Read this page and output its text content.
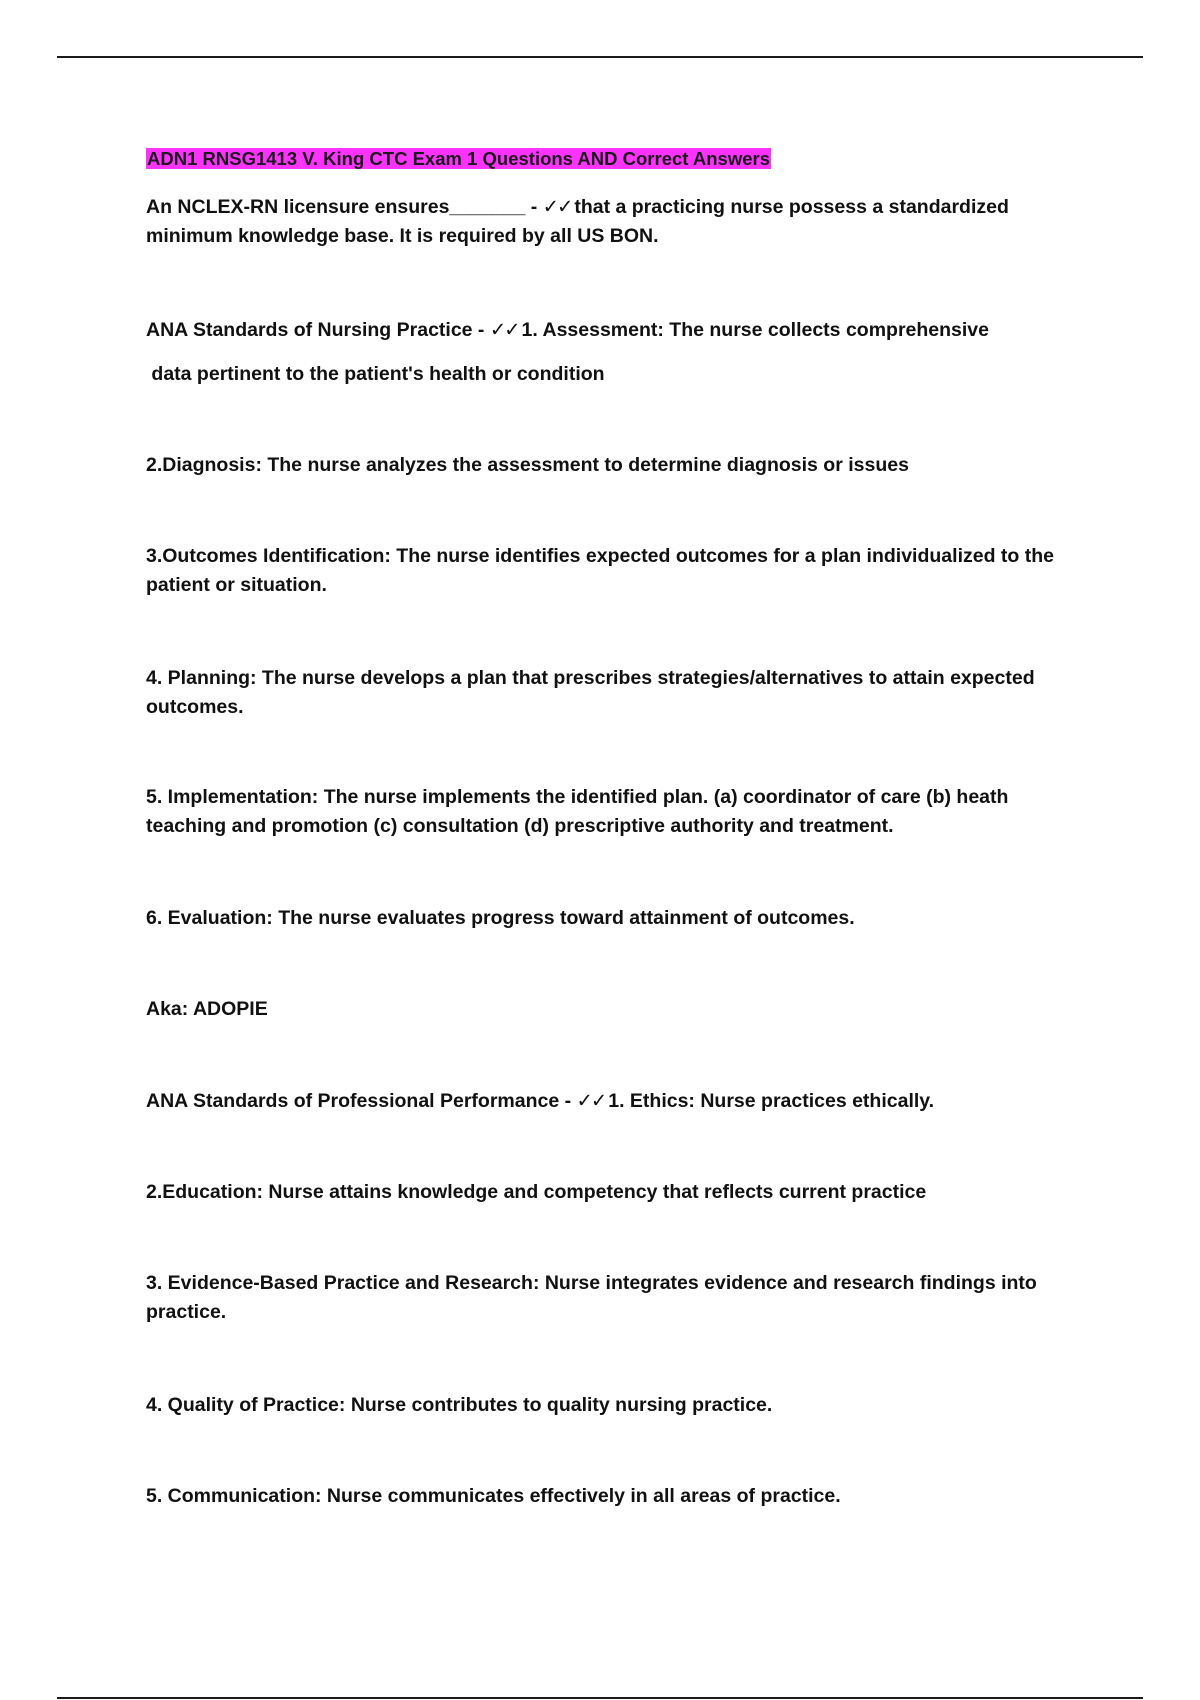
ADN1 RNSG1413 V. King CTC Exam 1 Questions AND Correct Answers

An NCLEX-RN licensure ensures_______ - ✓✓ that a practicing nurse possess a standardized minimum knowledge base. It is required by all US BON.

ANA Standards of Nursing Practice - ✓✓ 1. Assessment: The nurse collects comprehensive

data pertinent to the patient's health or condition

2.Diagnosis: The nurse analyzes the assessment to determine diagnosis or issues

3.Outcomes Identification: The nurse identifies expected outcomes for a plan individualized to the patient or situation.

4. Planning: The nurse develops a plan that prescribes strategies/alternatives to attain expected outcomes.

5. Implementation: The nurse implements the identified plan. (a) coordinator of care (b) heath teaching and promotion (c) consultation (d) prescriptive authority and treatment.

6. Evaluation: The nurse evaluates progress toward attainment of outcomes.

Aka: ADOPIE

ANA Standards of Professional Performance - ✓✓ 1. Ethics: Nurse practices ethically.

2.Education: Nurse attains knowledge and competency that reflects current practice

3. Evidence-Based Practice and Research: Nurse integrates evidence and research findings into practice.

4. Quality of Practice: Nurse contributes to quality nursing practice.

5. Communication: Nurse communicates effectively in all areas of practice.
